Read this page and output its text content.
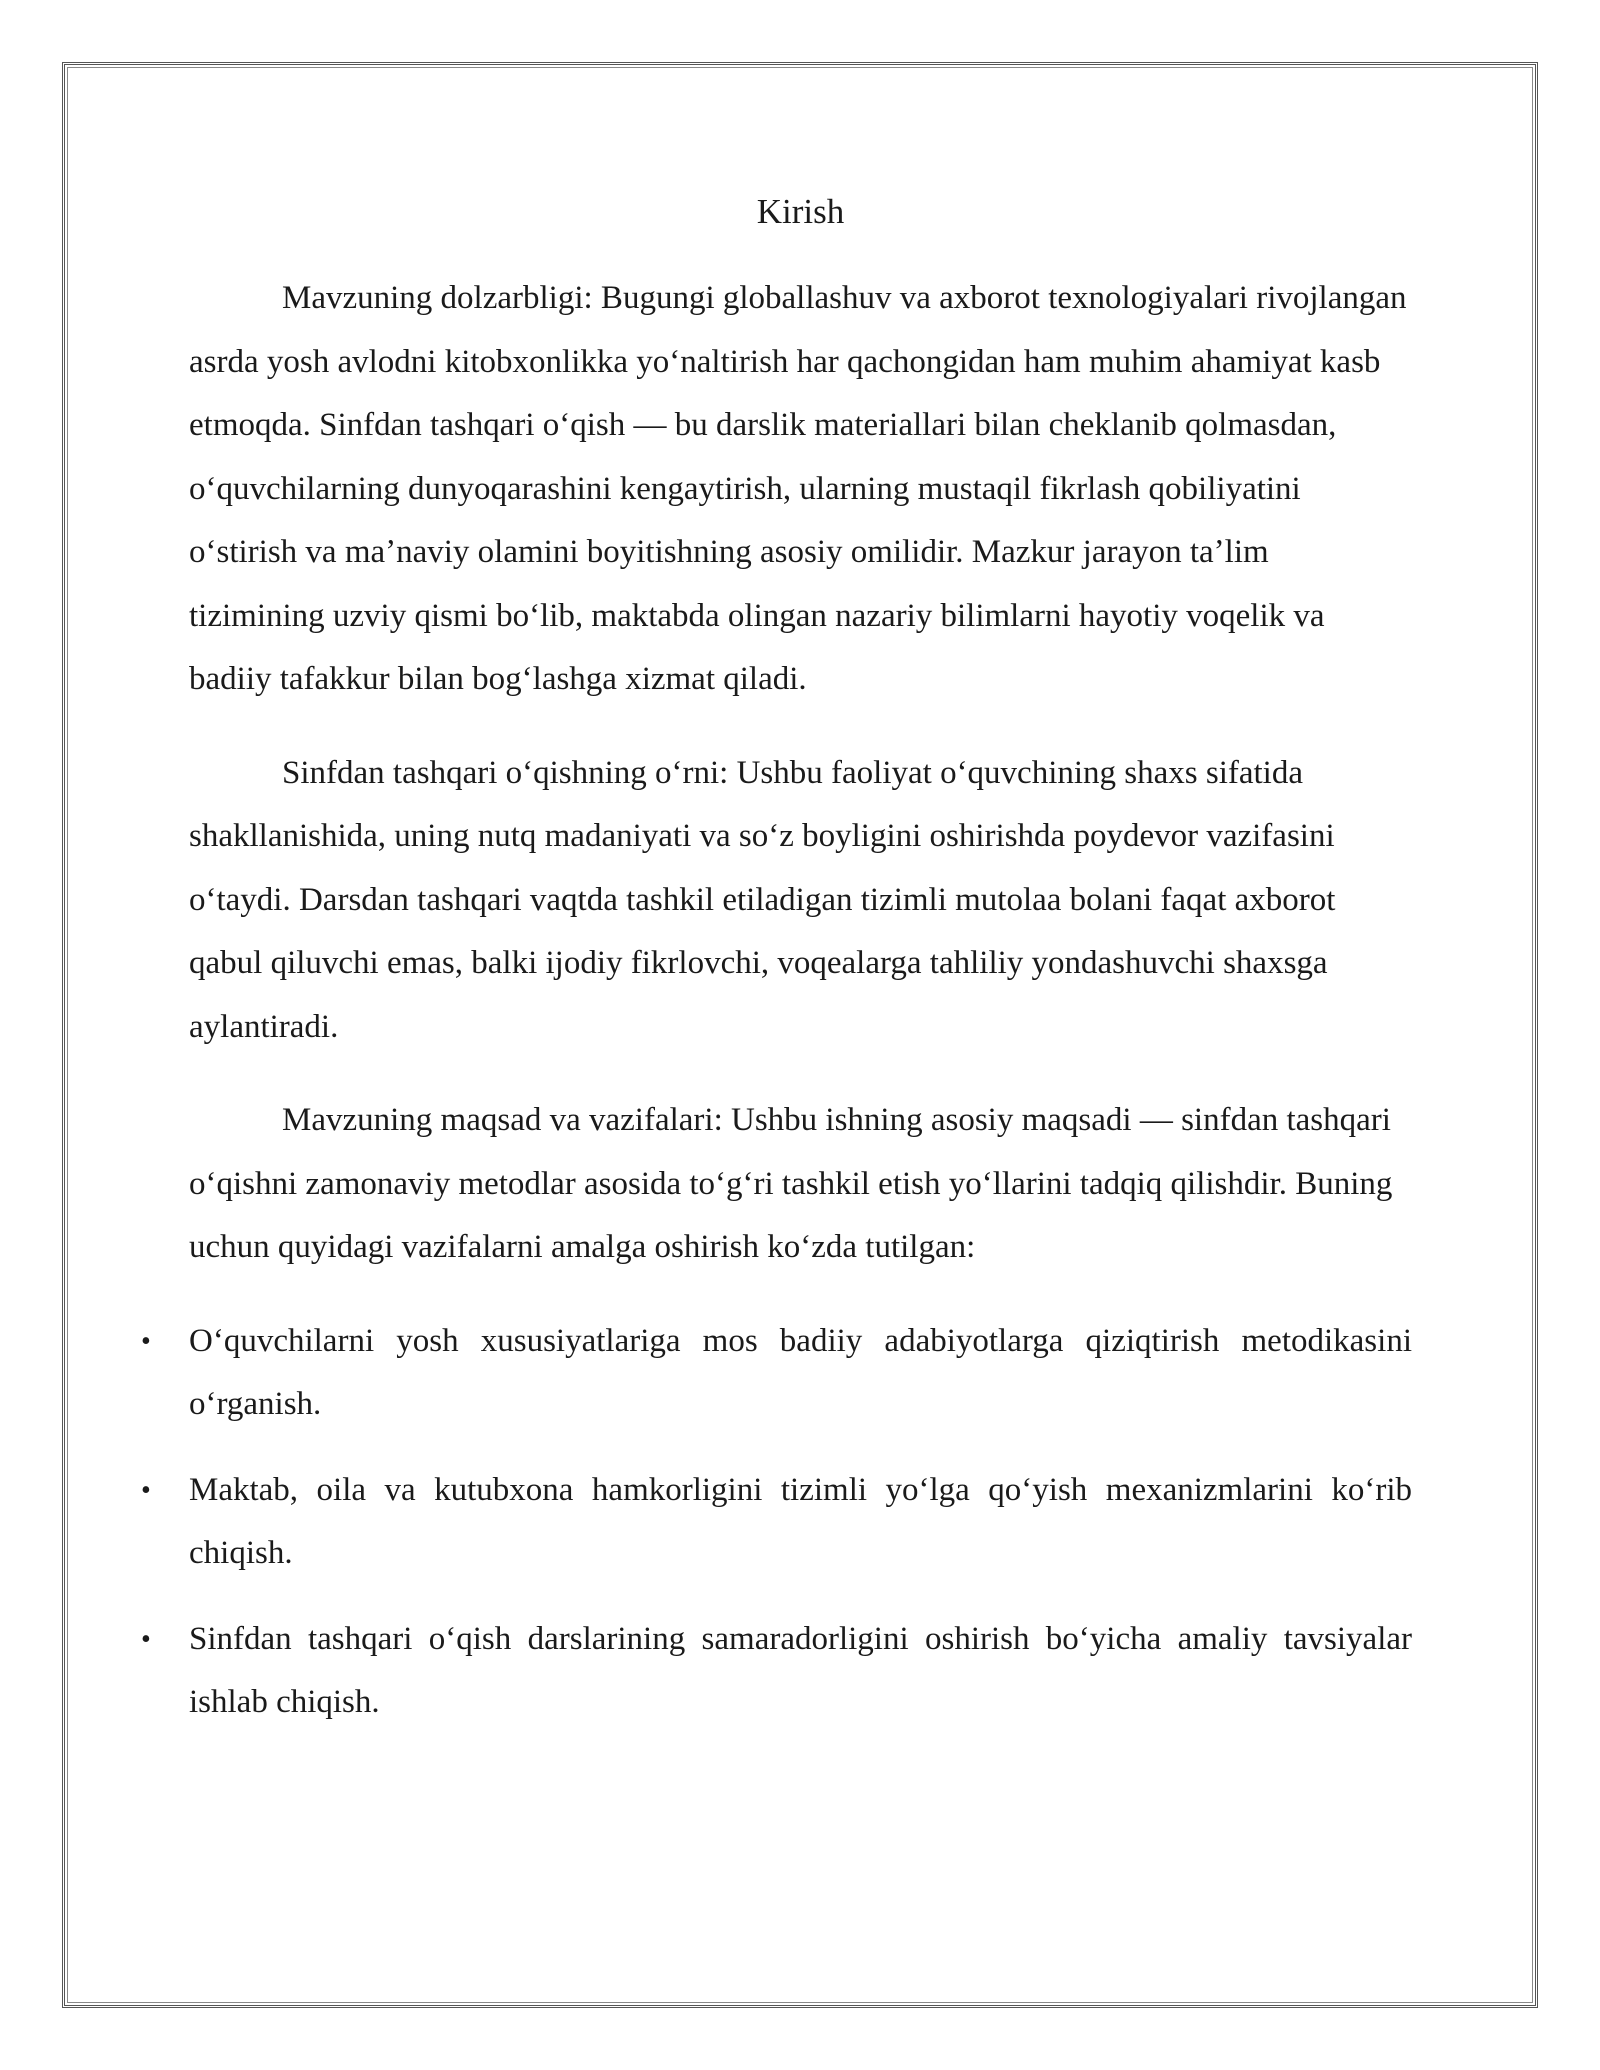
Kirish

Mavzuning dolzarbligi: Bugungi globallashuv va axborot texnologiyalari rivojlangan asrda yosh avlodni kitobxonlikka yoʻnaltirish har qachongidan ham muhim ahamiyat kasb etmoqda. Sinfdan tashqari oʻqish — bu darslik materiallari bilan cheklanib qolmasdan, oʻquvchilarning dunyoqarashini kengaytirish, ularning mustaqil fikrlash qobiliyatini oʻstirish va maʼnaviy olamini boyitishning asosiy omilidir. Mazkur jarayon taʼlim tizimining uzviy qismi boʻlib, maktabda olingan nazariy bilimlarni hayotiy voqelik va badiiy tafakkur bilan bogʻlashga xizmat qiladi.

Sinfdan tashqari oʻqishning oʻrni: Ushbu faoliyat oʻquvchining shaxs sifatida shakllanishida, uning nutq madaniyati va soʻz boyligini oshirishda poydevor vazifasini oʻtaydi. Darsdan tashqari vaqtda tashkil etiladigan tizimli mutolaa bolani faqat axborot qabul qiluvchi emas, balki ijodiy fikrlovchi, voqealarga tahliliy yondashuvchi shaxsga aylantiradi.

Mavzuning maqsad va vazifalari: Ushbu ishning asosiy maqsadi — sinfdan tashqari oʻqishni zamonaviy metodlar asosida toʻgʻri tashkil etish yoʻllarini tadqiq qilishdir. Buning uchun quyidagi vazifalarni amalga oshirish koʻzda tutilgan:

• Oʻquvchilarni yosh xususiyatlariga mos badiiy adabiyotlarga qiziqtirish metodikasini oʻrganish.
• Maktab, oila va kutubxona hamkorligini tizimli yoʻlga qoʻyish mexanizmlarini koʻrib chiqish.
• Sinfdan tashqari oʻqish darslarining samaradorligini oshirish boʻyicha amaliy tavsiyalar ishlab chiqish.
